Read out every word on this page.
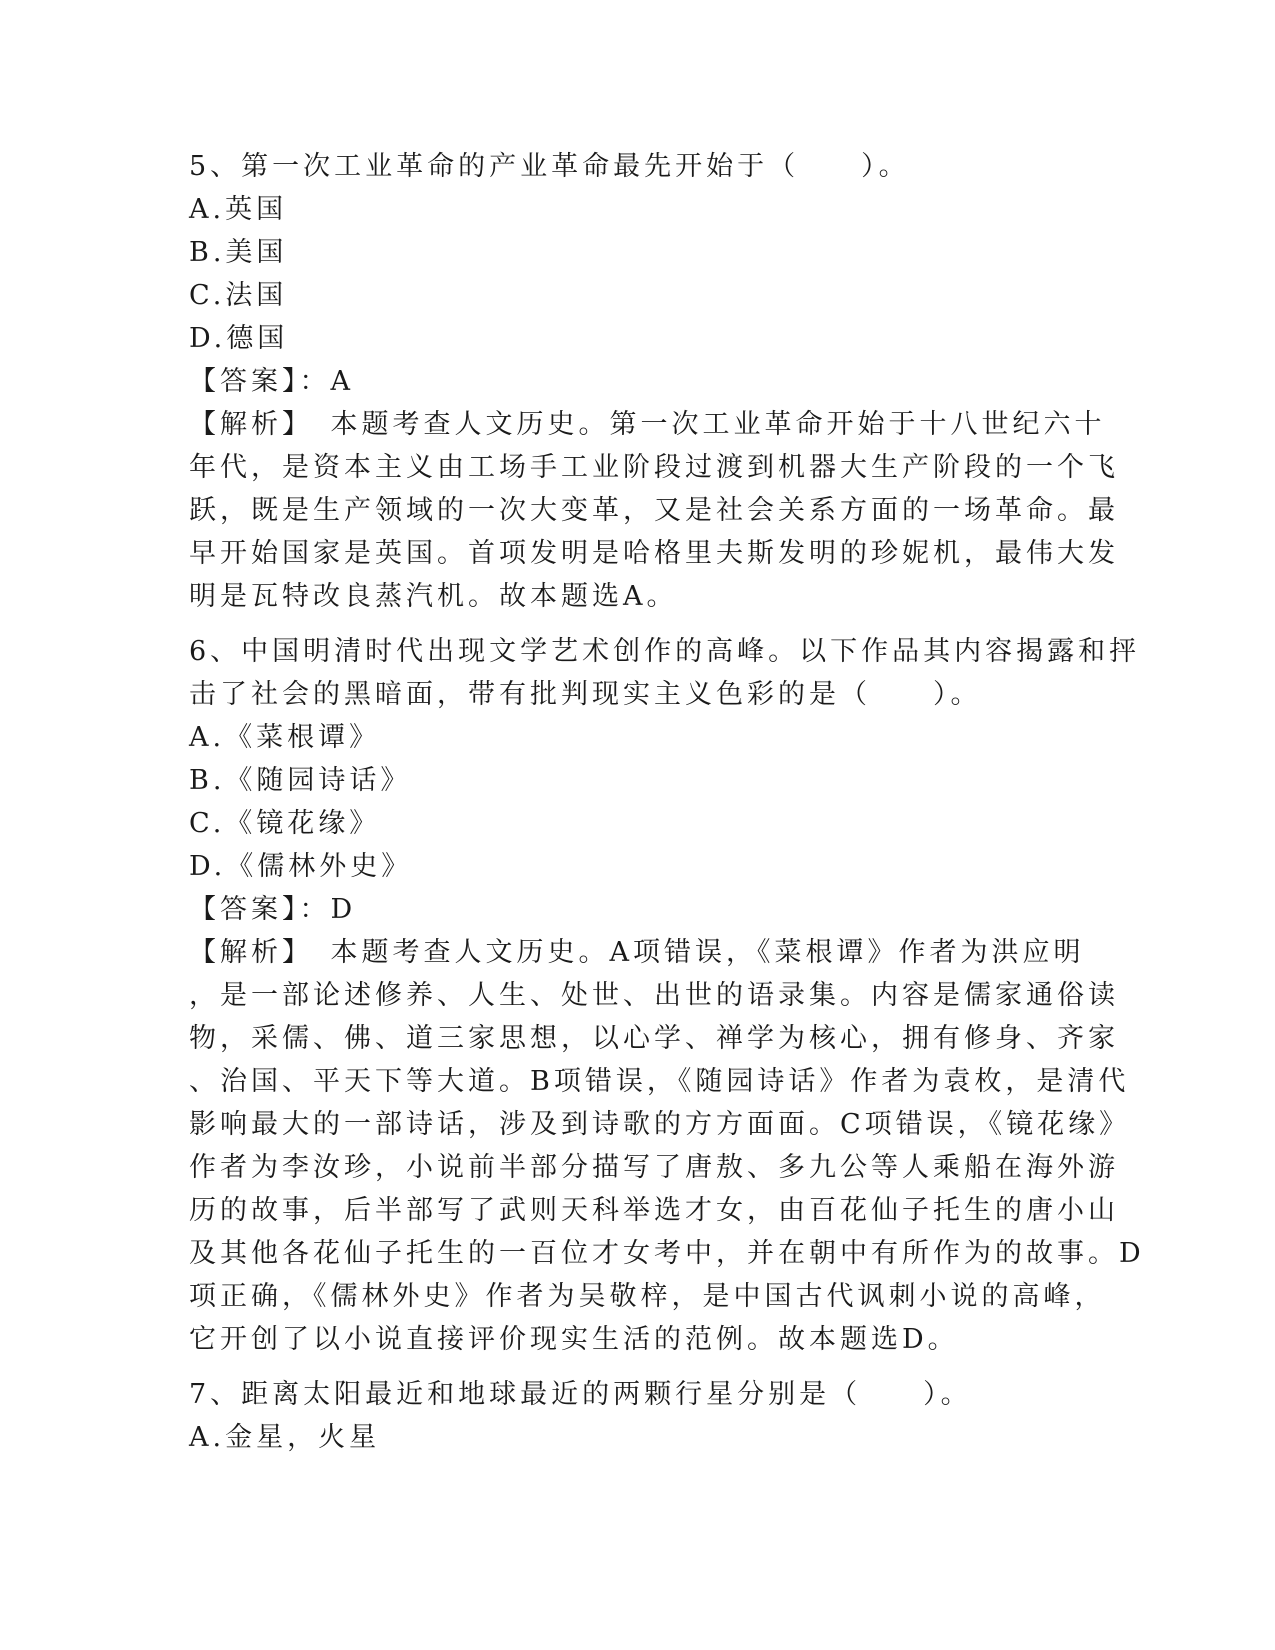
5、第一次工业革命的产业革命最先开始于（　　）。
A.英国
B.美国
C.法国
D.德国
【答案】：A
【解析】　本题考查人文历史。第一次工业革命开始于十八世纪六十
年代，是资本主义由工场手工业阶段过渡到机器大生产阶段的一个飞
跃，既是生产领域的一次大变革，又是社会关系方面的一场革命。最
早开始国家是英国。首项发明是哈格里夫斯发明的珍妮机，最伟大发
明是瓦特改良蒸汽机。故本题选A。
6、中国明清时代出现文学艺术创作的高峰。以下作品其内容揭露和抨
击了社会的黑暗面，带有批判现实主义色彩的是（　　）。
A.《菜根谭》
B.《随园诗话》
C.《镜花缘》
D.《儒林外史》
【答案】：D
【解析】　本题考查人文历史。A项错误，《菜根谭》作者为洪应明
，是一部论述修养、人生、处世、出世的语录集。内容是儒家通俗读
物，采儒、佛、道三家思想，以心学、禅学为核心，拥有修身、齐家
、治国、平天下等大道。B项错误，《随园诗话》作者为袁枚，是清代
影响最大的一部诗话，涉及到诗歌的方方面面。C项错误，《镜花缘》
作者为李汝珍，小说前半部分描写了唐敖、多九公等人乘船在海外游
历的故事，后半部写了武则天科举选才女，由百花仙子托生的唐小山
及其他各花仙子托生的一百位才女考中，并在朝中有所作为的故事。D
项正确，《儒林外史》作者为吴敬梓，是中国古代讽刺小说的高峰，
它开创了以小说直接评价现实生活的范例。故本题选D。
7、距离太阳最近和地球最近的两颗行星分别是（　　）。
A.金星，火星
